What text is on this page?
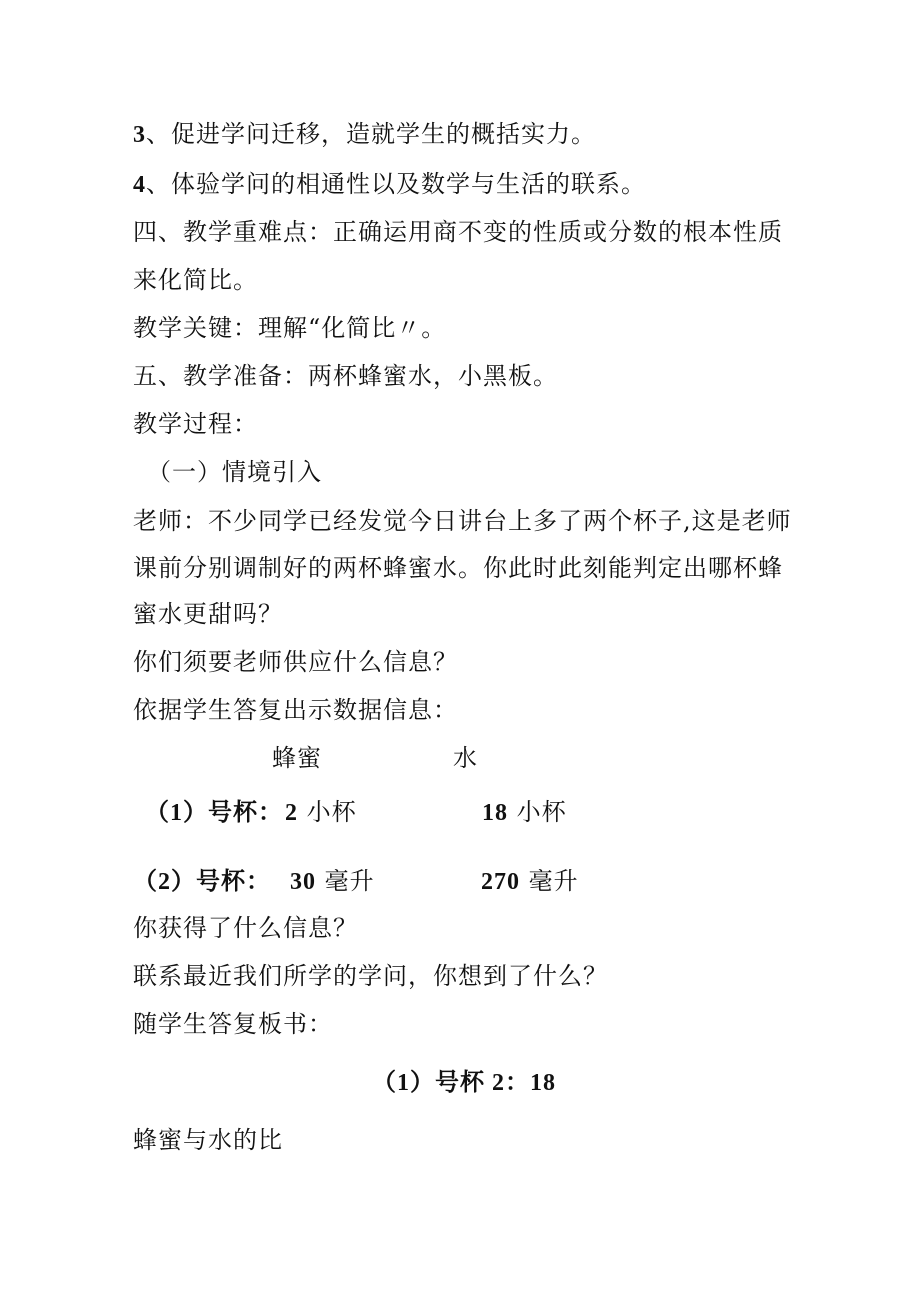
3、促进学问迁移，造就学生的概括实力。
4、体验学问的相通性以及数学与生活的联系。
四、教学重难点：正确运用商不变的性质或分数的根本性质
来化简比。
教学关键：理解“化简比〃。
五、教学准备：两杯蜂蜜水，小黑板。
教学过程：
（一）情境引入
老师：不少同学已经发觉今日讲台上多了两个杯子,这是老师
课前分别调制好的两杯蜂蜜水。你此时此刻能判定出哪杯蜂
蜜水更甜吗？
你们须要老师供应什么信息？
依据学生答复出示数据信息：
蜂蜜	水
（1）号杯： 2 小杯	18 小杯
（2）号杯： 30 毫升	270 毫升
你获得了什么信息？
联系最近我们所学的学问，你想到了什么？
随学生答复板书：
（1）号杯 2：18
蜂蜜与水的比
